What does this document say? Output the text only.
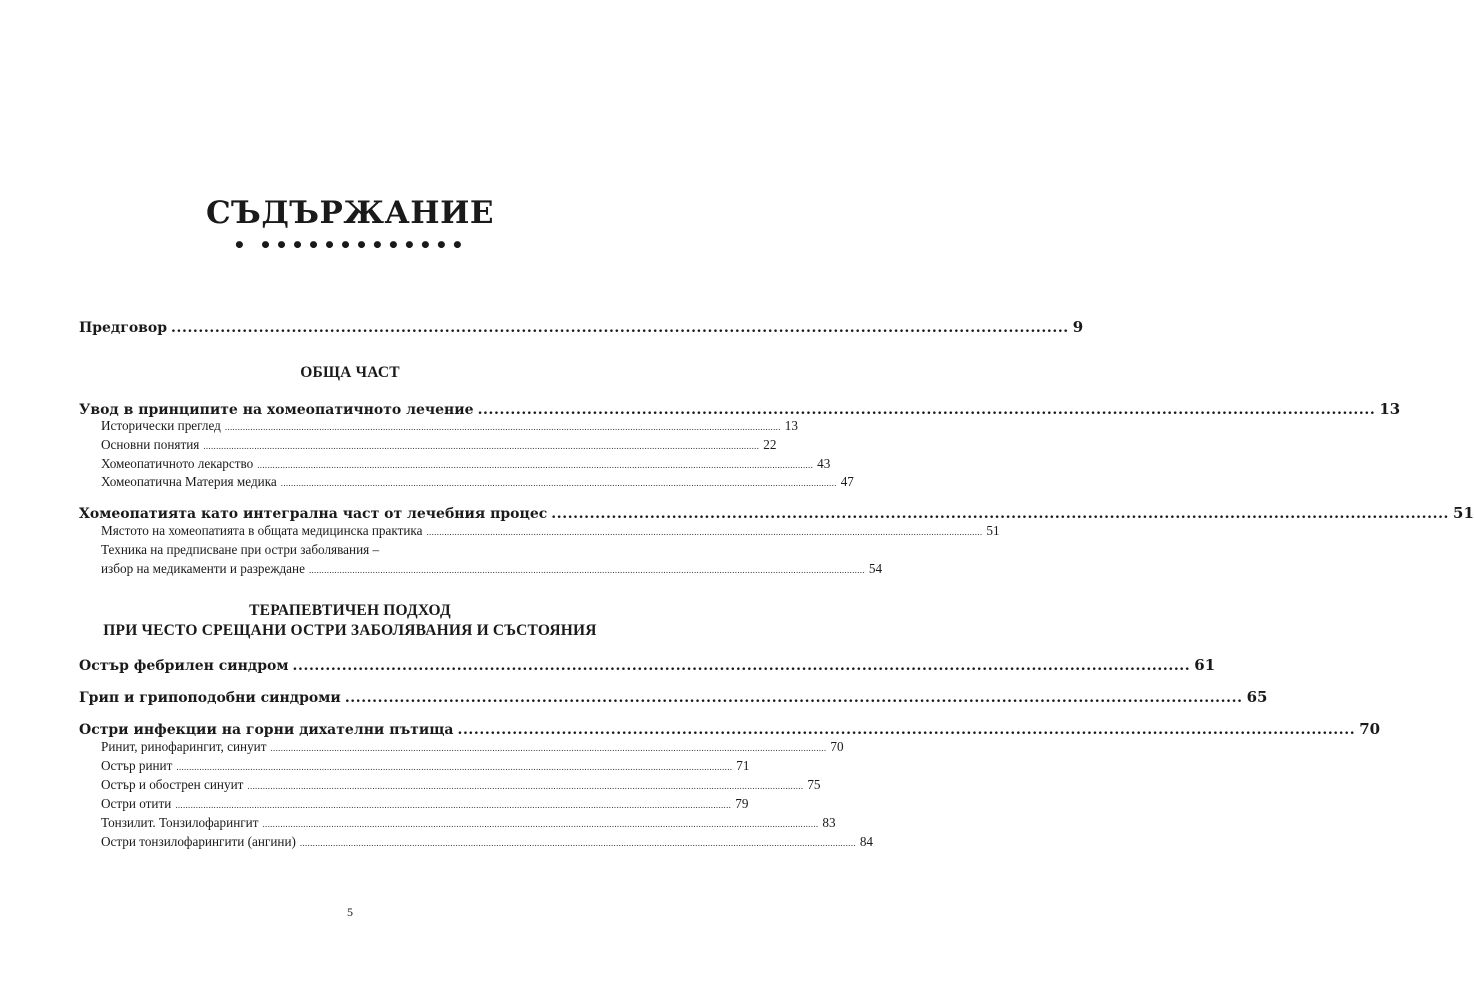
СЪДЪРЖАНИЕ
• •••••••••••••
Предговор .................................................................................................................................................................... 9
ОБЩА ЧАСТ
Увод в принципите на хомеопатичното лечение .................................................................................................................................................................... 13
Исторически преглед .......................................................................................................................................................................................................................... 13
Основни понятия .......................................................................................................................................................................................................................... 22
Хомеопатичното лекарство .......................................................................................................................................................................................................................... 43
Хомеопатична Материя медика .......................................................................................................................................................................................................................... 47
Хомеопатията като интегрална част от лечебния процес .................................................................................................................................................................... 51
Мястото на хомеопатията в общата медицинска практика .......................................................................................................................................................................................................................... 51
Техника на предписване при остри заболявания –
избор на медикаменти и разреждане .......................................................................................................................................................................................................................... 54
ТЕРАПЕВТИЧЕН ПОДХОД
ПРИ ЧЕСТО СРЕЩАНИ ОСТРИ ЗАБОЛЯВАНИЯ И СЪСТОЯНИЯ
Остър фебрилен синдром .................................................................................................................................................................... 61
Грип и грипоподобни синдроми .................................................................................................................................................................... 65
Остри инфекции на горни дихателни пътища .................................................................................................................................................................... 70
Ринит, ринофарингит, синуит .......................................................................................................................................................................................................................... 70
Остър ринит .......................................................................................................................................................................................................................... 71
Остър и обострен синуит .......................................................................................................................................................................................................................... 75
Остри отити .......................................................................................................................................................................................................................... 79
Тонзилит. Тонзилофарингит .......................................................................................................................................................................................................................... 83
Остри тонзилофарингити (ангини) .......................................................................................................................................................................................................................... 84
5
